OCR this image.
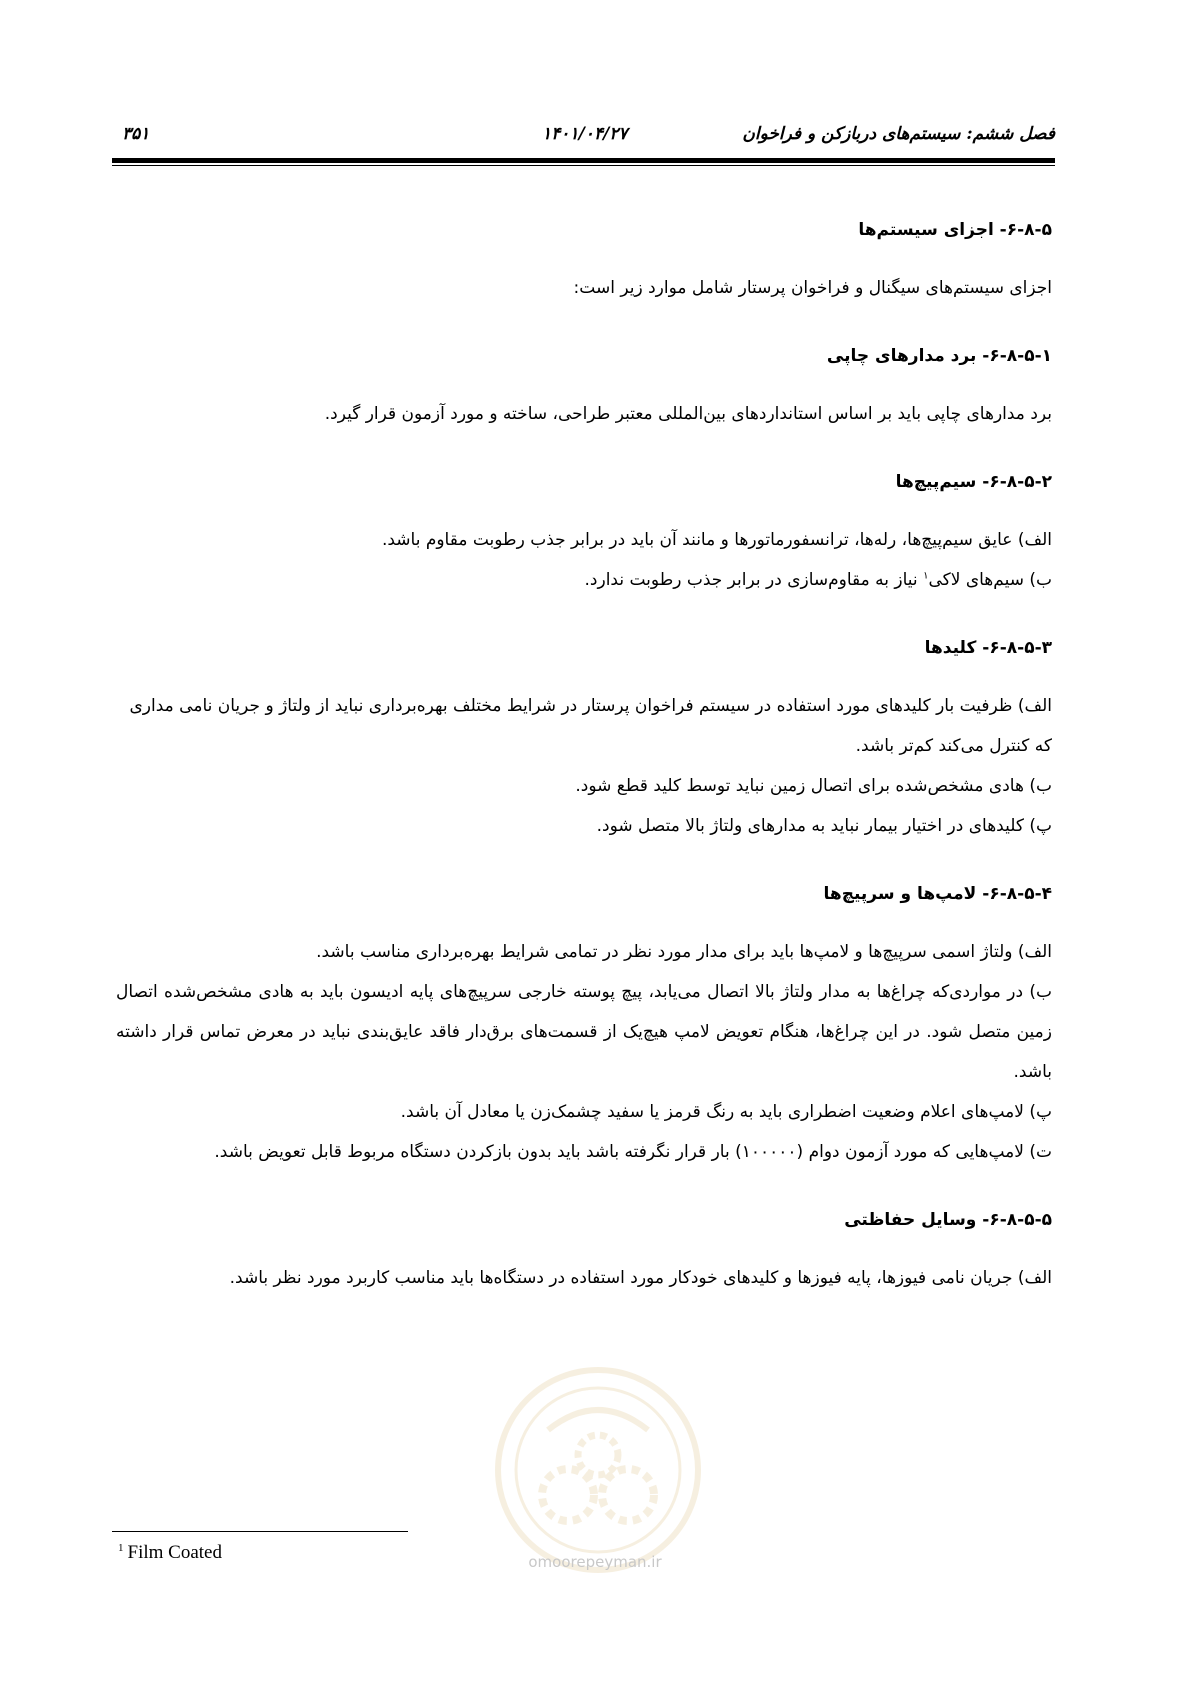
فصل ششم: سیستم‌های دربازکن و فراخوان
۱۴۰۱/۰۴/۲۷
۳۵۱

۶-۸-۵- اجزای سیستم‌ها

اجزای سیستم‌های سیگنال و فراخوان پرستار شامل موارد زیر است:

۶-۸-۵-۱- برد مدارهای چاپی

برد مدارهای چاپی باید بر اساس استانداردهای بین‌المللی معتبر طراحی، ساخته و مورد آزمون قرار گیرد.

۶-۸-۵-۲- سیم‌پیچ‌ها

الف) عایق سیم‌پیچ‌ها، رله‌ها، ترانسفورماتورها و مانند آن باید در برابر جذب رطوبت مقاوم باشد.

ب) سیم‌های لاکی$^۱$ نیاز به مقاوم‌سازی در برابر جذب رطوبت ندارد.

۶-۸-۵-۳- کلیدها

الف) ظرفیت بار کلیدهای مورد استفاده در سیستم فراخوان پرستار در شرایط مختلف بهره‌برداری نباید از ولتاژ و جریان نامی مداری که کنترل می‌کند کم‌تر باشد.

ب) هادی مشخص‌شده برای اتصال زمین نباید توسط کلید قطع شود.

پ) کلیدهای در اختیار بیمار نباید به مدارهای ولتاژ بالا متصل شود.

۶-۸-۵-۴- لامپ‌ها و سرپیچ‌ها

الف) ولتاژ اسمی سرپیچ‌ها و لامپ‌ها باید برای مدار مورد نظر در تمامی شرایط بهره‌برداری مناسب باشد.

ب) در مواردی‌که چراغ‌ها به مدار ولتاژ بالا اتصال می‌یابد، پیچ پوسته خارجی سرپیچ‌های پایه ادیسون باید به هادی مشخص‌شده اتصال زمین متصل شود. در این چراغ‌ها، هنگام تعویض لامپ هیچ‌یک از قسمت‌های برق‌دار فاقد عایق‌بندی نباید در معرض تماس قرار داشته باشد.

پ) لامپ‌های اعلام وضعیت اضطراری باید به رنگ قرمز یا سفید چشمک‌زن یا معادل آن باشد.

ت) لامپ‌هایی که مورد آزمون دوام (۱۰۰۰۰۰) بار قرار نگرفته باشد باید بدون بازکردن دستگاه مربوط قابل تعویض باشد.

۶-۸-۵-۵- وسایل حفاظتی

الف) جریان نامی فیوزها، پایه فیوزها و کلیدهای خودکار مورد استفاده در دستگاه‌ها باید مناسب کاربرد مورد نظر باشد.

omoorepeyman.ir
$^1$ Film Coated
